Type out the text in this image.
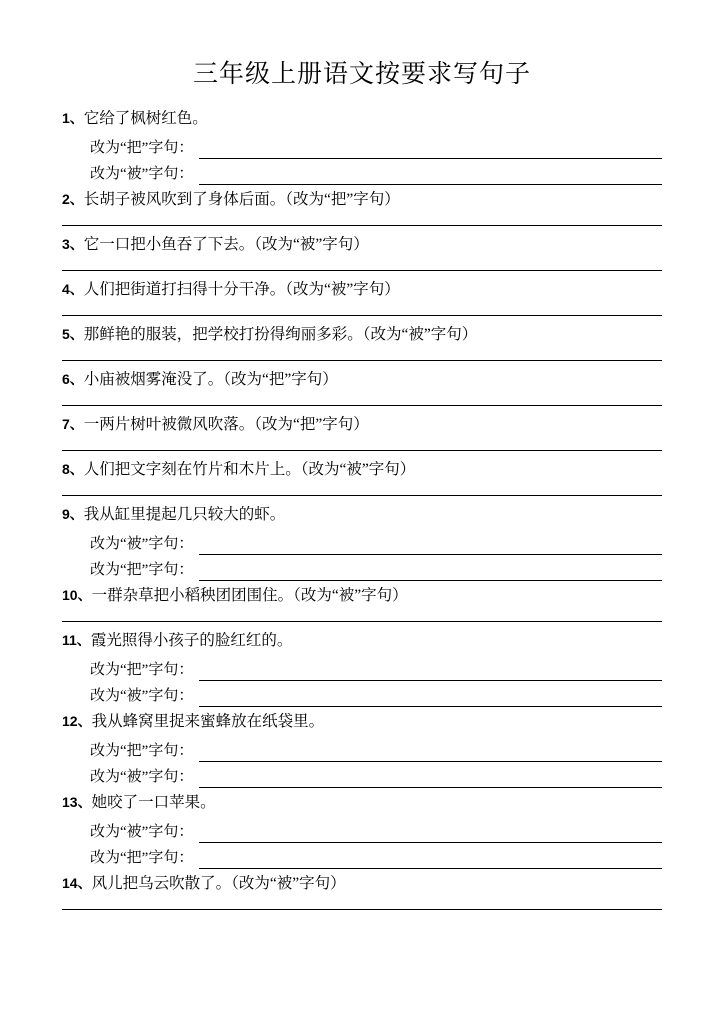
三年级上册语文按要求写句子
1、它给了枫树红色。
改为“把”字句：
改为“被”字句：
2、长胡子被风吹到了身体后面。（改为“把”字句）
3、它一口把小鱼吞了下去。（改为“被”字句）
4、人们把街道打扫得十分干净。（改为“被”字句）
5、那鲜艳的服装，把学校打扮得绚丽多彩。（改为“被”字句）
6、小庙被烟雾淹没了。（改为“把”字句）
7、一两片树叶被微风吹落。（改为“把”字句）
8、人们把文字刻在竹片和木片上。（改为“被”字句）
9、我从缸里提起几只较大的虾。
改为“被”字句：
改为“把”字句：
10、一群杂草把小稻秧团团围住。（改为“被”字句）
11、霞光照得小孩子的脸红红的。
改为“把”字句：
改为“被”字句：
12、我从蜂窝里捉来蜜蜂放在纸袋里。
改为“把”字句：
改为“被”字句：
13、她咬了一口苹果。
改为“被”字句：
改为“把”字句：
14、风儿把乌云吹散了。（改为“被”字句）
